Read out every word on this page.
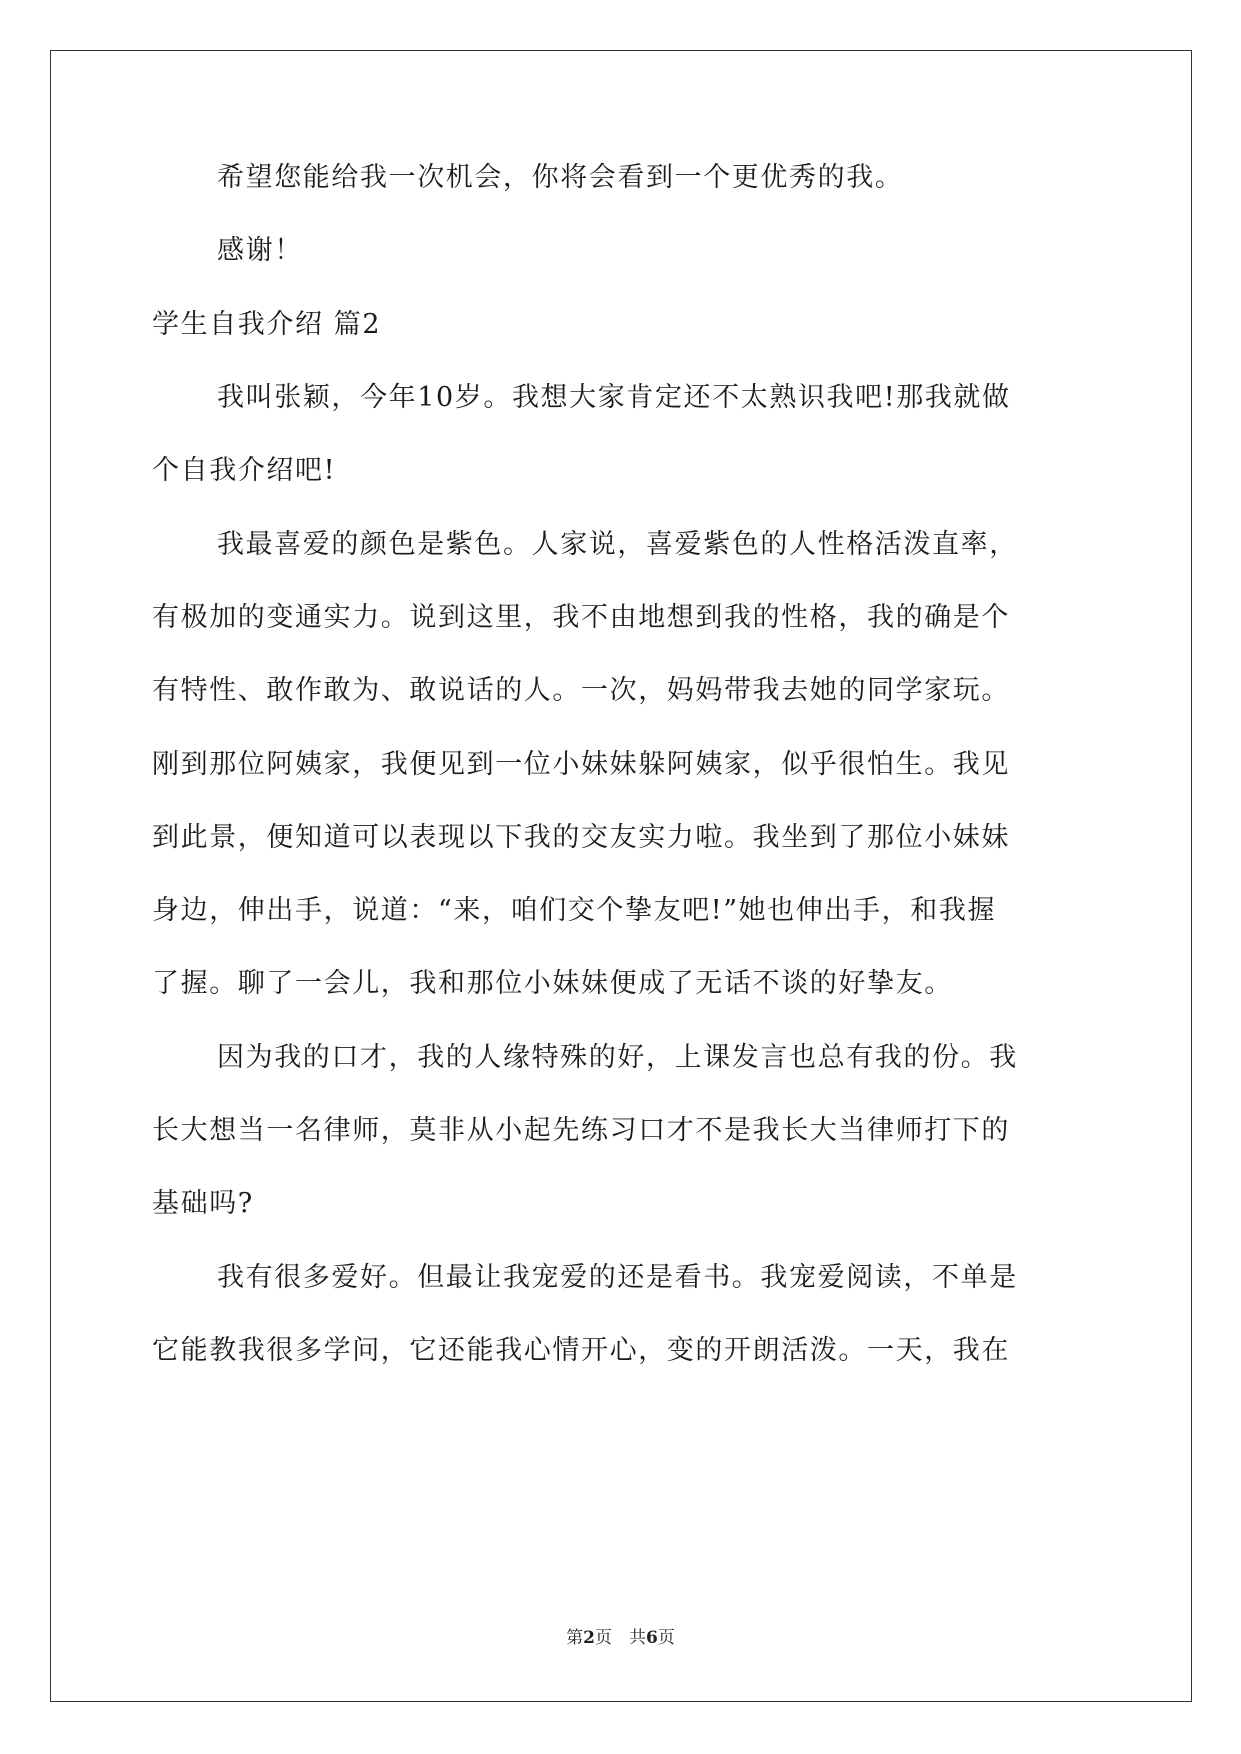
希望您能给我一次机会，你将会看到一个更优秀的我。
感谢！
学生自我介绍 篇2
我叫张颖，今年10岁。我想大家肯定还不太熟识我吧!那我就做
个自我介绍吧!
我最喜爱的颜色是紫色。人家说，喜爱紫色的人性格活泼直率，
有极加的变通实力。说到这里，我不由地想到我的性格，我的确是个
有特性、敢作敢为、敢说话的人。一次，妈妈带我去她的同学家玩。
刚到那位阿姨家，我便见到一位小妹妹躲阿姨家，似乎很怕生。我见
到此景，便知道可以表现以下我的交友实力啦。我坐到了那位小妹妹
身边，伸出手，说道：“来，咱们交个挚友吧!”她也伸出手，和我握
了握。聊了一会儿，我和那位小妹妹便成了无话不谈的好挚友。
因为我的口才，我的人缘特殊的好，上课发言也总有我的份。我
长大想当一名律师，莫非从小起先练习口才不是我长大当律师打下的
基础吗?
我有很多爱好。但最让我宠爱的还是看书。我宠爱阅读，不单是
它能教我很多学问，它还能我心情开心，变的开朗活泼。一天，我在
第2页　共6页
